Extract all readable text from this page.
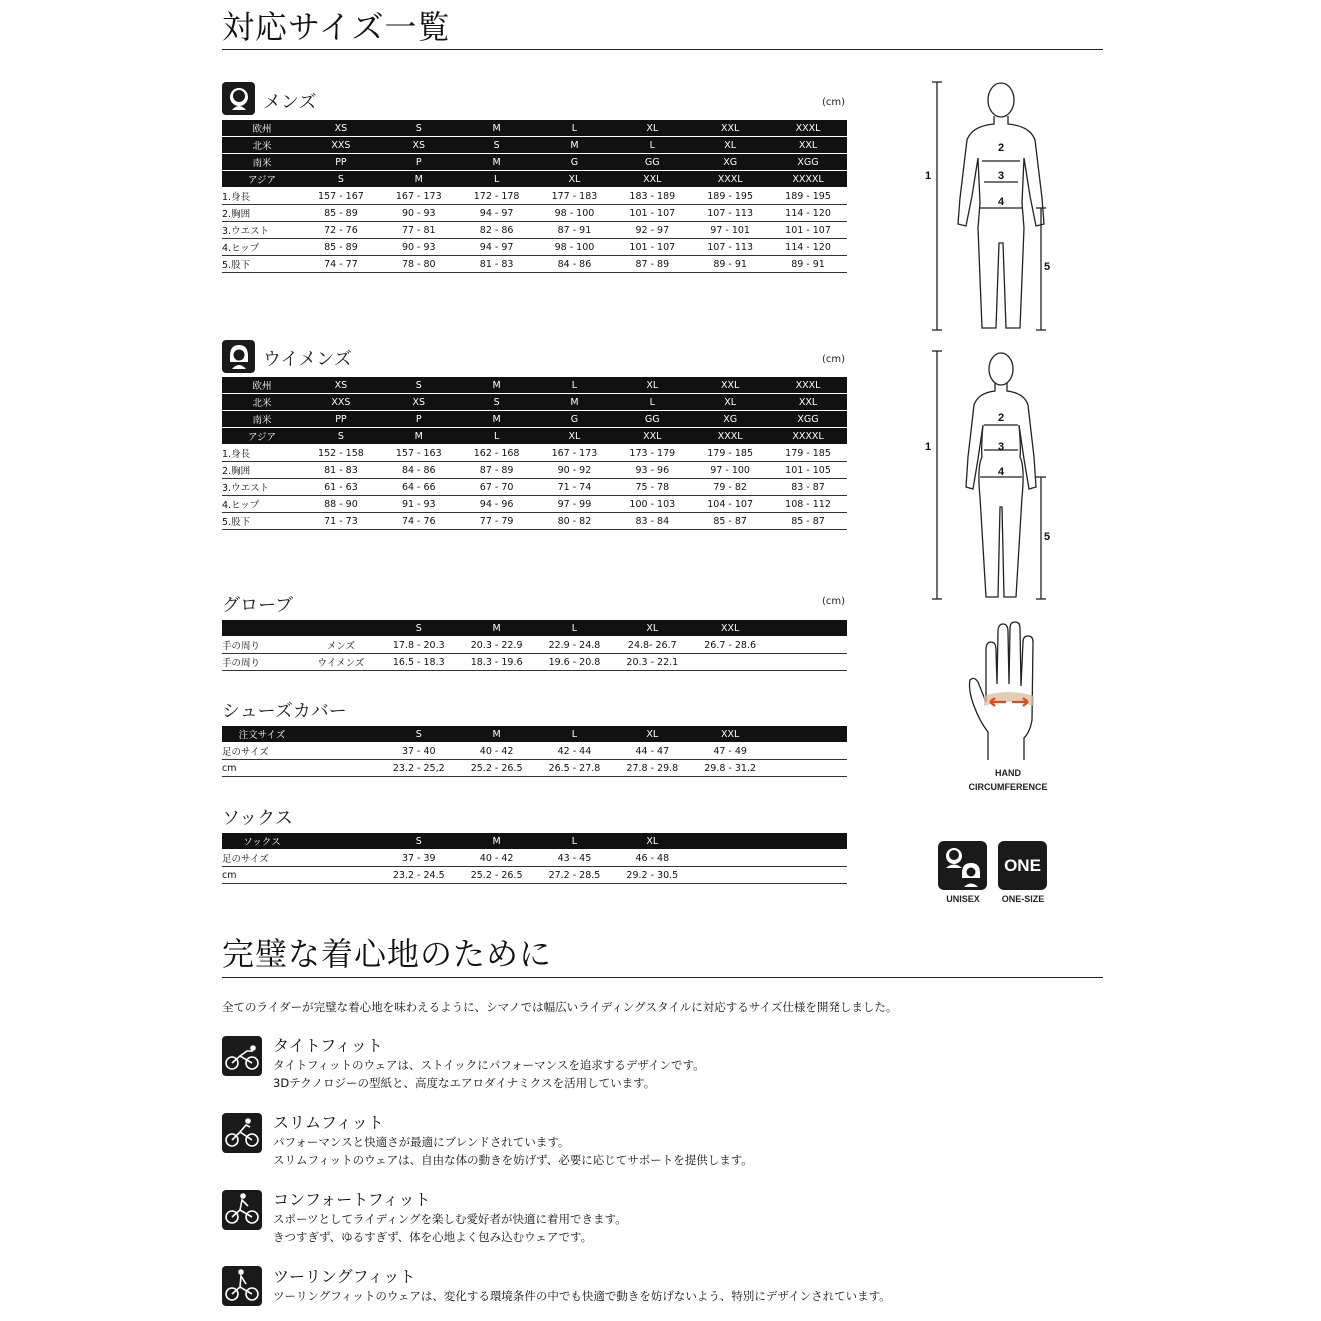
対応サイズ一覧
メンズ	(cm)
欧州	XS	S	M	L	XL	XXL	XXXL
北米	XXS	XS	S	M	L	XL	XXL
南米	PP	P	M	G	GG	XG	XGG
アジア	S	M	L	XL	XXL	XXXL	XXXXL
1.身長	157 - 167	167 - 173	172 - 178	177 - 183	183 - 189	189 - 195	189 - 195
2.胸囲	85 - 89	90 - 93	94 - 97	98 - 100	101 - 107	107 - 113	114 - 120
3.ウエスト	72 - 76	77 - 81	82 - 86	87 - 91	92 - 97	97 - 101	101 - 107
4.ヒップ	85 - 89	90 - 93	94 - 97	98 - 100	101 - 107	107 - 113	114 - 120
5.股下	74 - 77	78 - 80	81 - 83	84 - 86	87 - 89	89 - 91	89 - 91
ウイメンズ	(cm)
欧州	XS	S	M	L	XL	XXL	XXXL
北米	XXS	XS	S	M	L	XL	XXL
南米	PP	P	M	G	GG	XG	XGG
アジア	S	M	L	XL	XXL	XXXL	XXXXL
1.身長	152 - 158	157 - 163	162 - 168	167 - 173	173 - 179	179 - 185	179 - 185
2.胸囲	81 - 83	84 - 86	87 - 89	90 - 92	93 - 96	97 - 100	101 - 105
3.ウエスト	61 - 63	64 - 66	67 - 70	71 - 74	75 - 78	79 - 82	83 - 87
4.ヒップ	88 - 90	91 - 93	94 - 96	97 - 99	100 - 103	104 - 107	108 - 112
5.股下	71 - 73	74 - 76	77 - 79	80 - 82	83 - 84	85 - 87	85 - 87
グローブ	(cm)
		S	M	L	XL	XXL	
手の周り	メンズ	17.8 - 20.3	20.3 - 22.9	22.9 - 24.8	24.8- 26.7	26.7 - 28.6	
手の周り	ウイメンズ	16.5 - 18.3	18.3 - 19.6	19.6 - 20.8	20.3 - 22.1		
シューズカバー
注文サイズ		S	M	L	XL	XXL	
足のサイズ		37 - 40	40 - 42	42 - 44	44 - 47	47 - 49	
cm		23.2 - 25,2	25.2 - 26.5	26.5 - 27.8	27.8 - 29.8	29.8 - 31.2	
ソックス
ソックス		S	M	L	XL		
足のサイズ		37 - 39	40 - 42	43 - 45	46 - 48		
cm		23.2 - 24.5	25.2 - 26.5	27.2 - 28.5	29.2 - 30.5		
1
2
3
4
5
1
2
3
4
5
HAND
CIRCUMFERENCE
UNISEX
ONE
ONE-SIZE
完璧な着心地のために
全てのライダーが完璧な着心地を味わえるように、シマノでは幅広いライディングスタイルに対応するサイズ仕様を開発しました。
タイトフィット
タイトフィットのウェアは、ストイックにパフォーマンスを追求するデザインです。
3Dテクノロジーの型紙と、高度なエアロダイナミクスを活用しています。
スリムフィット
パフォーマンスと快適さが最適にブレンドされています。
スリムフィットのウェアは、自由な体の動きを妨げず、必要に応じてサポートを提供します。
コンフォートフィット
スポーツとしてライディングを楽しむ愛好者が快適に着用できます。
きつすぎず、ゆるすぎず、体を心地よく包み込むウェアです。
ツーリングフィット
ツーリングフィットのウェアは、変化する環境条件の中でも快適で動きを妨げないよう、特別にデザインされています。
